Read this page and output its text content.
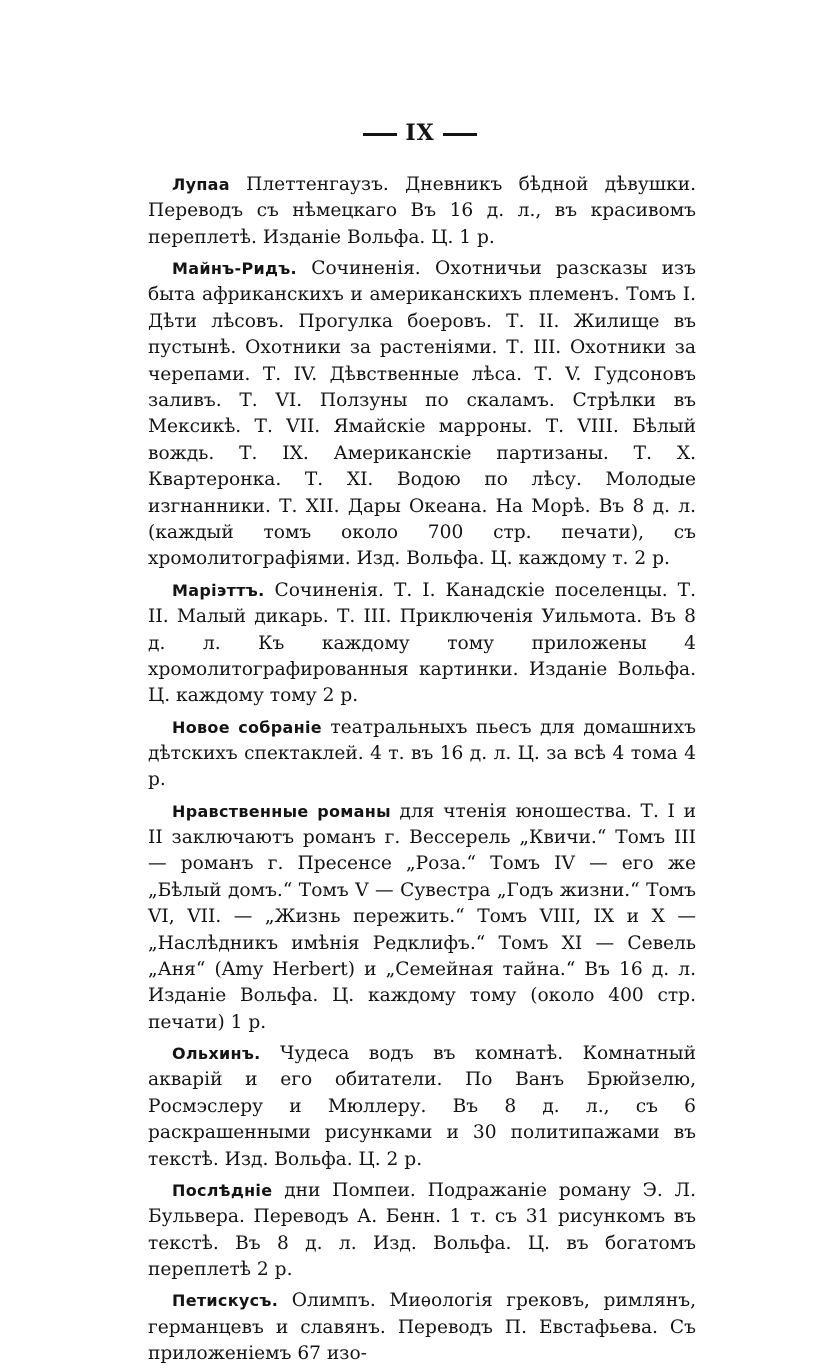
IX

Лупаа Плеттенгаузъ. Дневникъ бѣдной дѣвушки. Переводъ съ нѣмецкаго Въ 16 д. л., въ красивомъ переплетѣ. Изданіе Вольфа. Ц. 1 р.

Майнъ-Ридъ. Сочиненія. Охотничьи разсказы изъ быта африканскихъ и американскихъ племенъ. Томъ I. Дѣти лѣсовъ. Прогулка боеровъ. Т. II. Жилище въ пустынѣ. Охотники за растеніями. Т. III. Охотники за черепами. Т. IV. Дѣвственные лѣса. Т. V. Гудсоновъ заливъ. Т. VI. Ползуны по скаламъ. Стрѣлки въ Мексикѣ. Т. VII. Ямайскіе марроны. Т. VIII. Бѣлый вождь. Т. IX. Американскіе партизаны. Т. X. Квартеронка. Т. XI. Водою по лѣсу. Молодые изгнанники. Т. XII. Дары Океана. На Морѣ. Въ 8 д. л. (каждый томъ около 700 стр. печати), съ хромолитографіями. Изд. Вольфа. Ц. каждому т. 2 р.

Маріэттъ. Сочиненія. Т. I. Канадскіе поселенцы. Т. II. Малый дикарь. Т. III. Приключенія Уильмота. Въ 8 д. л. Къ каждому тому приложены 4 хромолитографированныя картинки. Изданіе Вольфа. Ц. каждому тому 2 р.

Новое собраніе театральныхъ пьесъ для домашнихъ дѣтскихъ спектаклей. 4 т. въ 16 д. л. Ц. за всѣ 4 тома 4 р.

Нравственные романы для чтенія юношества. Т. I и II заключаютъ романъ г. Вессерель „Квичи.“ Томъ III — романъ г. Пресенсе „Роза.“ Томъ IV — его же „Бѣлый домъ.“ Томъ V — Сувестра „Годъ жизни.“ Томъ VI, VII. — „Жизнь пережить.“ Томъ VIII, IX и X — „Наслѣдникъ имѣнія Редклифъ.“ Томъ XI — Севель „Аня“ (Amy Herbert) и „Семейная тайна.“ Въ 16 д. л. Изданіе Вольфа. Ц. каждому тому (около 400 стр. печати) 1 р.

Ольхинъ. Чудеса водъ въ комнатѣ. Комнатный акварій и его обитатели. По Ванъ Брюйзелю, Росмэслеру и Мюллеру. Въ 8 д. л., съ 6 раскрашенными рисунками и 30 политипажами въ текстѣ. Изд. Вольфа. Ц. 2 р.

Послѣдніе дни Помпеи. Подражаніе роману Э. Л. Бульвера. Переводъ А. Бенн. 1 т. съ 31 рисункомъ въ текстѣ. Въ 8 д. л. Изд. Вольфа. Ц. въ богатомъ переплетѣ 2 р.

Петискусъ. Олимпъ. Миѳологія грековъ, римлянъ, германцевъ и славянъ. Переводъ П. Евстафьева. Съ приложеніемъ 67 изо-
